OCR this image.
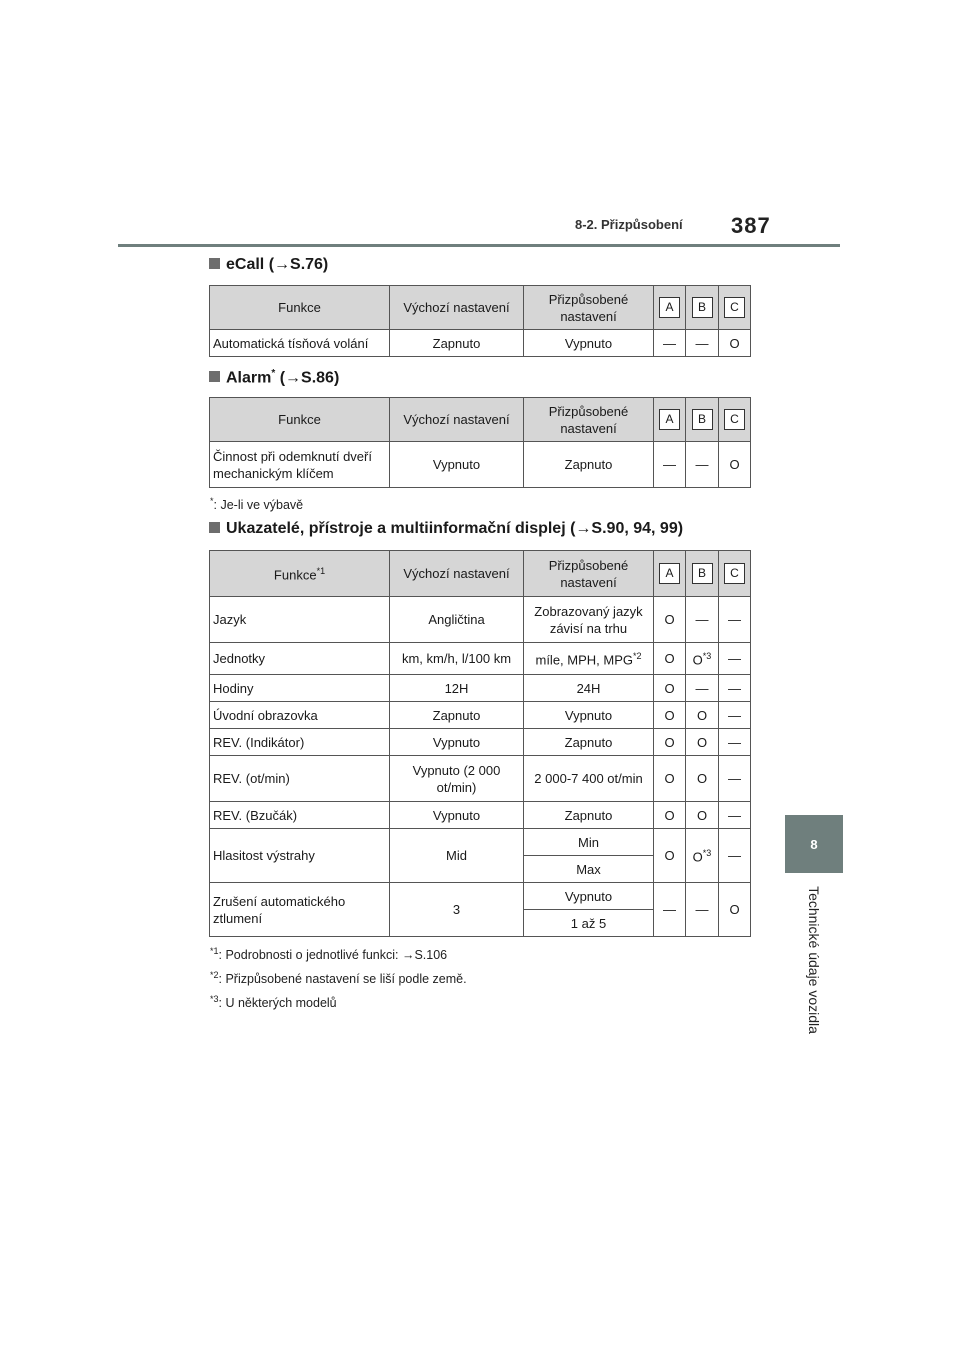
8-2. Přizpůsobení 387
8
Technické údaje vozidla
eCall (→S.76)
Funkce	Výchozí nastavení	Přizpůsobené nastavení	A	B	C
Automatická tísňová volání	Zapnuto	Vypnuto	—	—	O
Alarm* (→S.86)
Funkce	Výchozí nastavení	Přizpůsobené nastavení	A	B	C
Činnost při odemknutí dveří mechanickým klíčem	Vypnuto	Zapnuto	—	—	O
*: Je-li ve výbavě
Ukazatelé, přístroje a multiinformační displej (→S.90, 94, 99)
Funkce$^{*1}$	Výchozí nastavení	Přizpůsobené nastavení	A	B	C
Jazyk	Angličtina	Zobrazovaný jazyk závisí na trhu	O	—	—
Jednotky	km, km/h, l/100 km	míle, MPH, MPG$^{*2}$	O	$O^{*3}$	—
Hodiny	12H	24H	O	—	—
Úvodní obrazovka	Zapnuto	Vypnuto	O	O	—
REV. (Indikátor)	Vypnuto	Zapnuto	O	O	—
REV. (ot/min)	Vypnuto (2 000 ot/min)	2 000-7 400 ot/min	O	O	—
REV. (Bzučák)	Vypnuto	Zapnuto	O	O	—
Hlasitost výstrahy	Mid	Min	O	$O^{*3}$	—
		Max			
Zrušení automatického ztlumení	3	Vypnuto	—	—	O
		1 až 5			
$^{*1}$: Podrobnosti o jednotlivé funkci: →S.106
$^{*2}$: Přizpůsobené nastavení se liší podle země.
$^{*3}$: U některých modelů
